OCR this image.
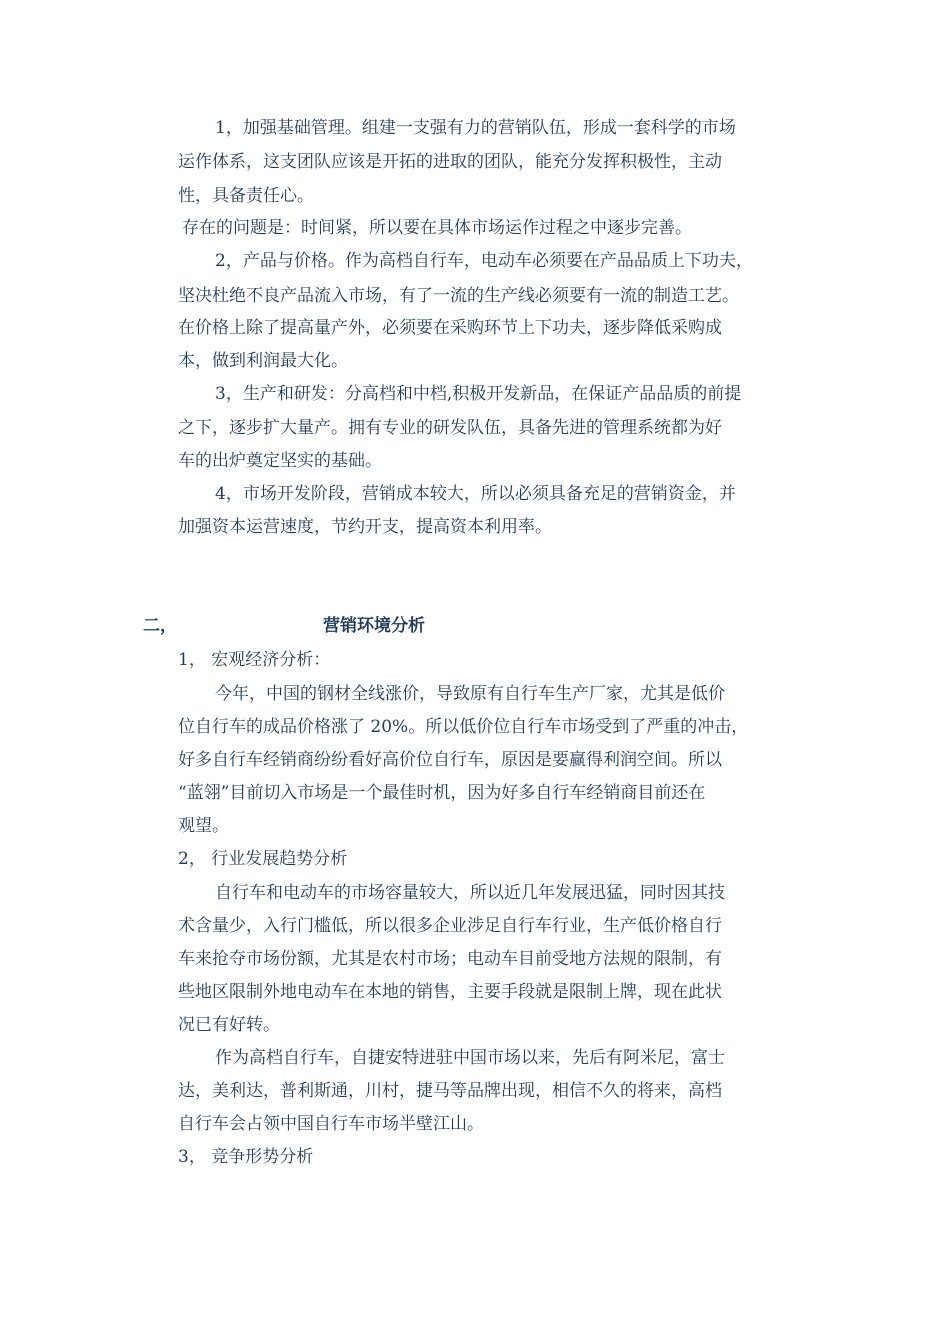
1，加强基础管理。组建一支强有力的营销队伍，形成一套科学的市场
运作体系，这支团队应该是开拓的进取的团队，能充分发挥积极性，主动
性，具备责任心。
存在的问题是：时间紧，所以要在具体市场运作过程之中逐步完善。
2，产品与价格。作为高档自行车，电动车必须要在产品品质上下功夫，
坚决杜绝不良产品流入市场，有了一流的生产线必须要有一流的制造工艺。
在价格上除了提高量产外，必须要在采购环节上下功夫，逐步降低采购成
本，做到利润最大化。
3，生产和研发：分高档和中档,积极开发新品，在保证产品品质的前提
之下，逐步扩大量产。拥有专业的研发队伍，具备先进的管理系统都为好
车的出炉奠定坚实的基础。
4，市场开发阶段，营销成本较大，所以必须具备充足的营销资金，并
加强资本运营速度，节约开支，提高资本利用率。
二，	营销环境分析
1， 宏观经济分析：
今年，中国的钢材全线涨价，导致原有自行车生产厂家，尤其是低价
位自行车的成品价格涨了 20%。所以低价位自行车市场受到了严重的冲击，
好多自行车经销商纷纷看好高价位自行车，原因是要赢得利润空间。所以
“蓝翎”目前切入市场是一个最佳时机，因为好多自行车经销商目前还在
观望。
2， 行业发展趋势分析
自行车和电动车的市场容量较大，所以近几年发展迅猛，同时因其技
术含量少，入行门槛低，所以很多企业涉足自行车行业，生产低价格自行
车来抢夺市场份额，尤其是农村市场；电动车目前受地方法规的限制，有
些地区限制外地电动车在本地的销售，主要手段就是限制上牌，现在此状
况已有好转。
作为高档自行车，自捷安特进驻中国市场以来，先后有阿米尼，富士
达，美利达，普利斯通，川村，捷马等品牌出现，相信不久的将来，高档
自行车会占领中国自行车市场半壁江山。
3， 竞争形势分析
